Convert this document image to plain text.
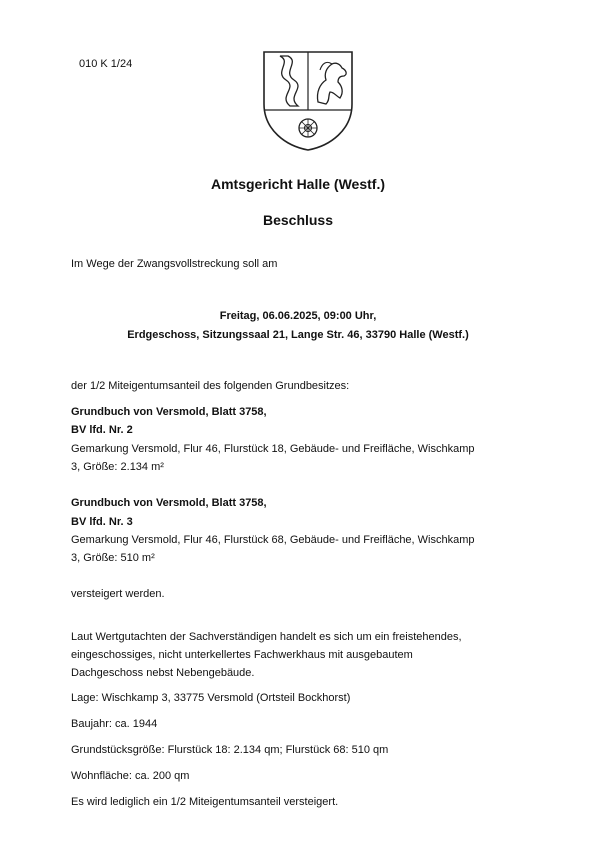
010 K 1/24
Amtsgericht Halle (Westf.)
Beschluss
Im Wege der Zwangsvollstreckung soll am
Freitag, 06.06.2025, 09:00 Uhr,
Erdgeschoss, Sitzungssaal 21, Lange Str. 46, 33790 Halle (Westf.)
der 1/2 Miteigentumsanteil des folgenden Grundbesitzes:
Grundbuch von Versmold, Blatt 3758,
BV lfd. Nr. 2
Gemarkung Versmold, Flur 46, Flurstück 18, Gebäude- und Freifläche, Wischkamp
3, Größe: 2.134 m²
Grundbuch von Versmold, Blatt 3758,
BV lfd. Nr. 3
Gemarkung Versmold, Flur 46, Flurstück 68, Gebäude- und Freifläche, Wischkamp
3, Größe: 510 m²
versteigert werden.
Laut Wertgutachten der Sachverständigen handelt es sich um ein freistehendes,
eingeschossiges, nicht unterkellertes Fachwerkhaus mit ausgebautem
Dachgeschoss nebst Nebengebäude.
Lage: Wischkamp 3, 33775 Versmold (Ortsteil Bockhorst)
Baujahr: ca. 1944
Grundstücksgröße: Flurstück 18: 2.134 qm; Flurstück 68: 510 qm
Wohnfläche: ca. 200 qm
Es wird lediglich ein 1/2 Miteigentumsanteil versteigert.
